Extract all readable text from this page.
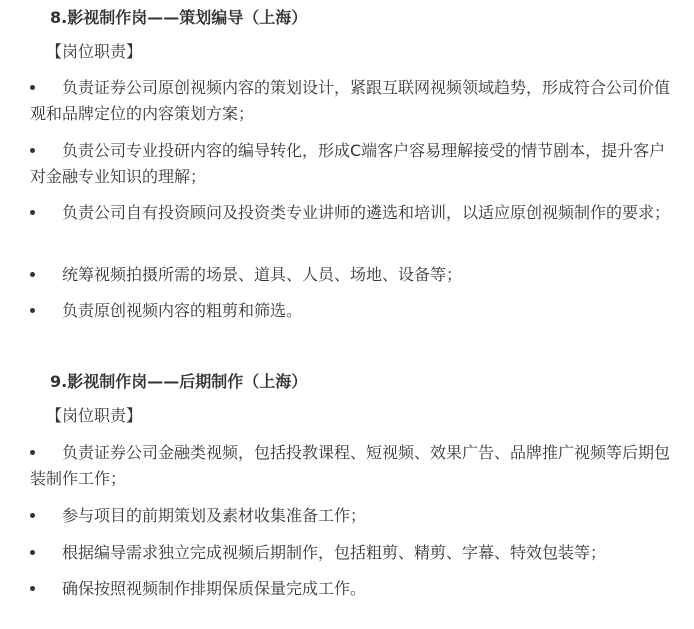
8.影视制作岗——策划编导（上海）
【岗位职责】

负责证券公司原创视频内容的策划设计，紧跟互联网视频领域趋势，形成符合公司价值观和品牌定位的内容策划方案；

负责公司专业投研内容的编导转化，形成C端客户容易理解接受的情节剧本，提升客户对金融专业知识的理解；

负责公司自有投资顾问及投资类专业讲师的遴选和培训，以适应原创视频制作的要求；

统筹视频拍摄所需的场景、道具、人员、场地、设备等；

负责原创视频内容的粗剪和筛选。

9.影视制作岗——后期制作（上海）
【岗位职责】

负责证券公司金融类视频，包括投教课程、短视频、效果广告、品牌推广视频等后期包装制作工作；

参与项目的前期策划及素材收集准备工作；

根据编导需求独立完成视频后期制作，包括粗剪、精剪、字幕、特效包装等；

确保按照视频制作排期保质保量完成工作。
